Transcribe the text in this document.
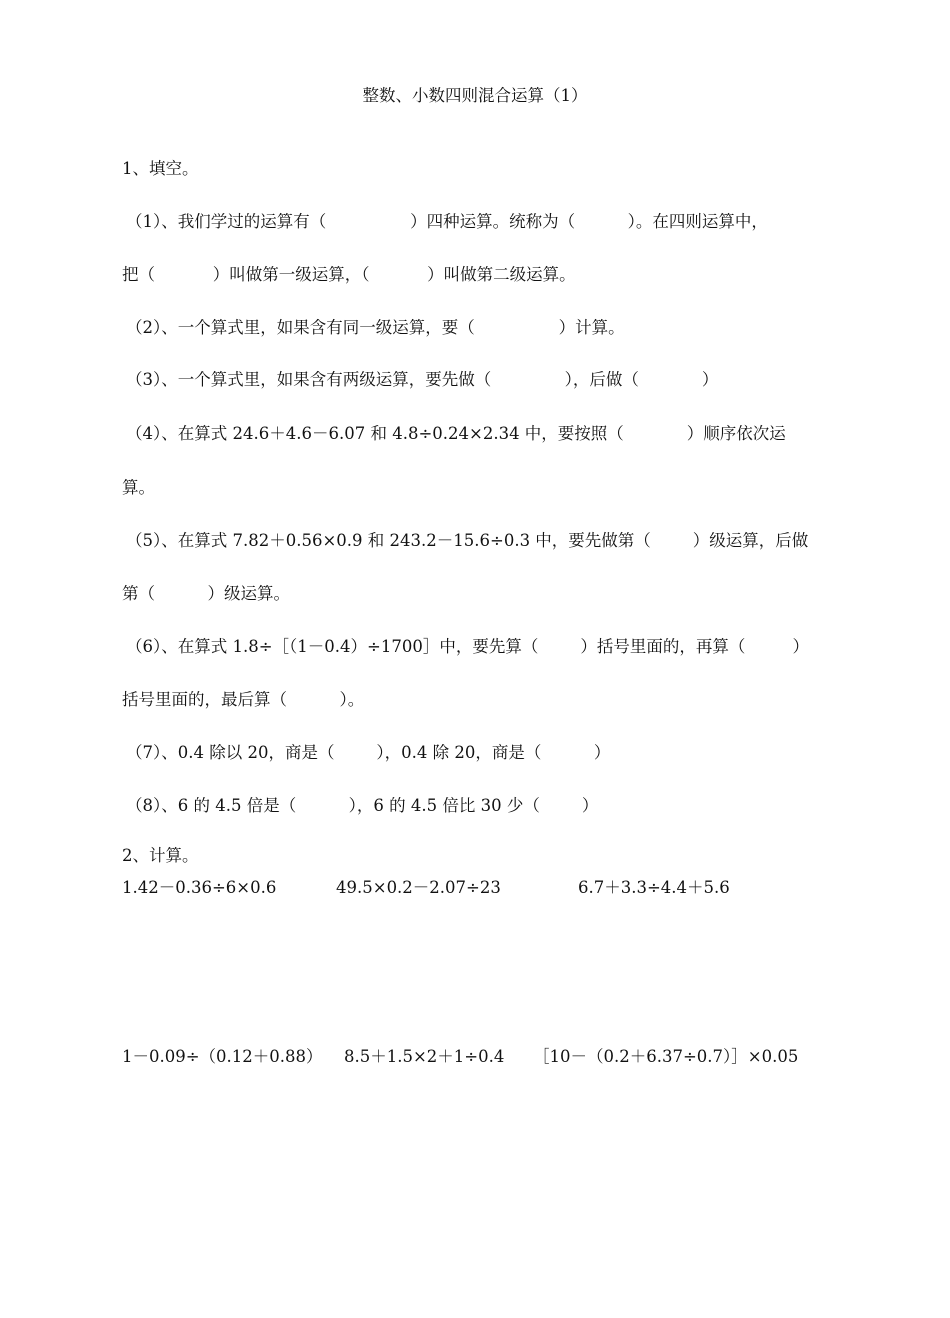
整数、小数四则混合运算（1）
1、填空。
（1）、我们学过的运算有（                ）四种运算。统称为（          ）。在四则运算中，
把（           ）叫做第一级运算，（           ）叫做第二级运算。
（2）、一个算式里，如果含有同一级运算，要（                ）计算。
（3）、一个算式里，如果含有两级运算，要先做（              ），后做（            ）
（4）、在算式 24.6＋4.6－6.07 和 4.8÷0.24×2.34 中，要按照（            ）顺序依次运
算。
（5）、在算式 7.82＋0.56×0.9 和 243.2－15.6÷0.3 中，要先做第（        ）级运算，后做
第（          ）级运算。
（6）、在算式 1.8÷［（1－0.4）÷1700］中，要先算（        ）括号里面的，再算（         ）
括号里面的，最后算（          ）。
（7）、0.4 除以 20，商是（        ），0.4 除 20，商是（          ）
（8）、6 的 4.5 倍是（          ），6 的 4.5 倍比 30 少（        ）
2、计算。
1.42－0.36÷6×0.6	49.5×0.2－2.07÷23	6.7＋3.3÷4.4＋5.6
1－0.09÷（0.12＋0.88） 8.5＋1.5×2＋1÷0.4 ［10－（0.2＋6.37÷0.7）］×0.05
